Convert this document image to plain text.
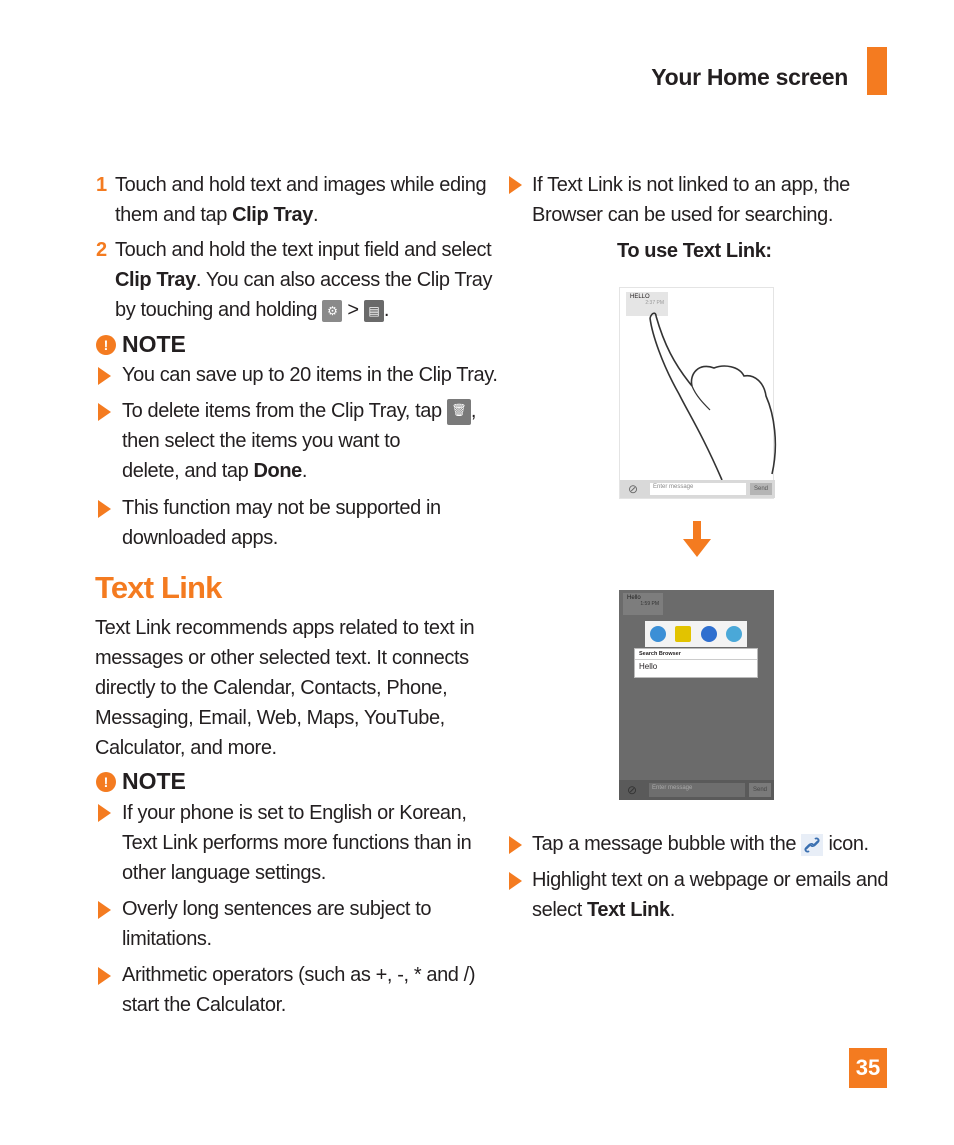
Your Home screen
1 Touch and hold text and images while eding
them and tap Clip Tray.
2 Touch and hold the text input field and select
Clip Tray. You can also access the Clip Tray
by touching and holding ⚙ > ▤ .
! NOTE
You can save up to 20 items in the Clip Tray.
To delete items from the Clip Tray, tap 🗑 ,
then select the items you want to
delete, and tap Done.
This function may not be supported in
downloaded apps.
Text Link
Text Link recommends apps related to text in
messages or other selected text. It connects
directly to the Calendar, Contacts, Phone,
Messaging, Email, Web, Maps, YouTube,
Calculator, and more.
! NOTE
If your phone is set to English or Korean,
Text Link performs more functions than in
other language settings.
Overly long sentences are subject to
limitations.
Arithmetic operators (such as +, -, * and /)
start the Calculator.
If Text Link is not linked to an app, the
Browser can be used for searching.
To use Text Link:
HELLO
2:37 PM
⊘	Enter message	Send
Hello
1:59 PM
Search Browser
Hello
⊘	Enter message	Send
Tap a message bubble with the  icon.
Highlight text on a webpage or emails and
select Text Link.
35
